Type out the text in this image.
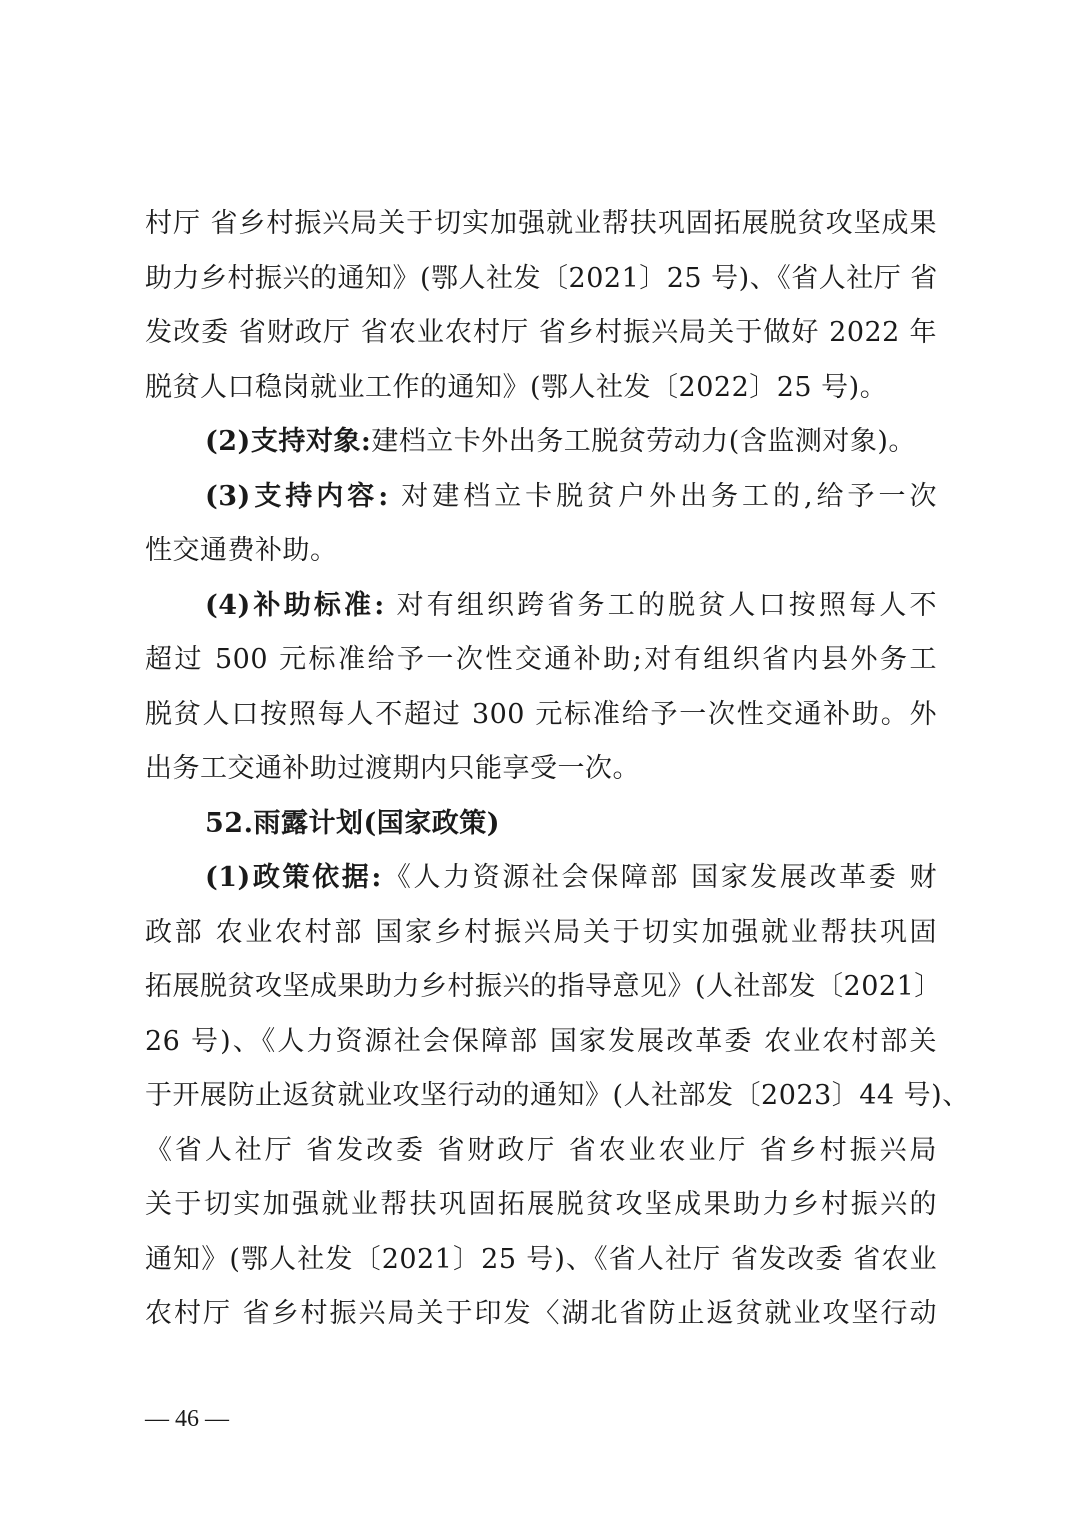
村厅 省乡村振兴局关于切实加强就业帮扶巩固拓展脱贫攻坚成果
助力乡村振兴的通知》(鄂人社发〔2021〕25 号)、《省人社厅 省
发改委 省财政厅 省农业农村厅 省乡村振兴局关于做好 2022 年
脱贫人口稳岗就业工作的通知》(鄂人社发〔2022〕25 号)。
(2)支持对象:建档立卡外出务工脱贫劳动力(含监测对象)。
(3)支持内容: 对建档立卡脱贫户外出务工的,给予一次
性交通费补助。
(4)补助标准: 对有组织跨省务工的脱贫人口按照每人不
超过 500 元标准给予一次性交通补助;对有组织省内县外务工
脱贫人口按照每人不超过 300 元标准给予一次性交通补助。外
出务工交通补助过渡期内只能享受一次。
52.雨露计划(国家政策)
(1)政策依据:《人力资源社会保障部 国家发展改革委 财
政部 农业农村部 国家乡村振兴局关于切实加强就业帮扶巩固
拓展脱贫攻坚成果助力乡村振兴的指导意见》(人社部发〔2021〕
26 号)、《人力资源社会保障部 国家发展改革委 农业农村部关
于开展防止返贫就业攻坚行动的通知》(人社部发〔2023〕44 号)、
《省人社厅 省发改委 省财政厅 省农业农业厅 省乡村振兴局
关于切实加强就业帮扶巩固拓展脱贫攻坚成果助力乡村振兴的
通知》(鄂人社发〔2021〕25 号)、《省人社厅 省发改委 省农业
农村厅 省乡村振兴局关于印发〈湖北省防止返贫就业攻坚行动
— 46 —
